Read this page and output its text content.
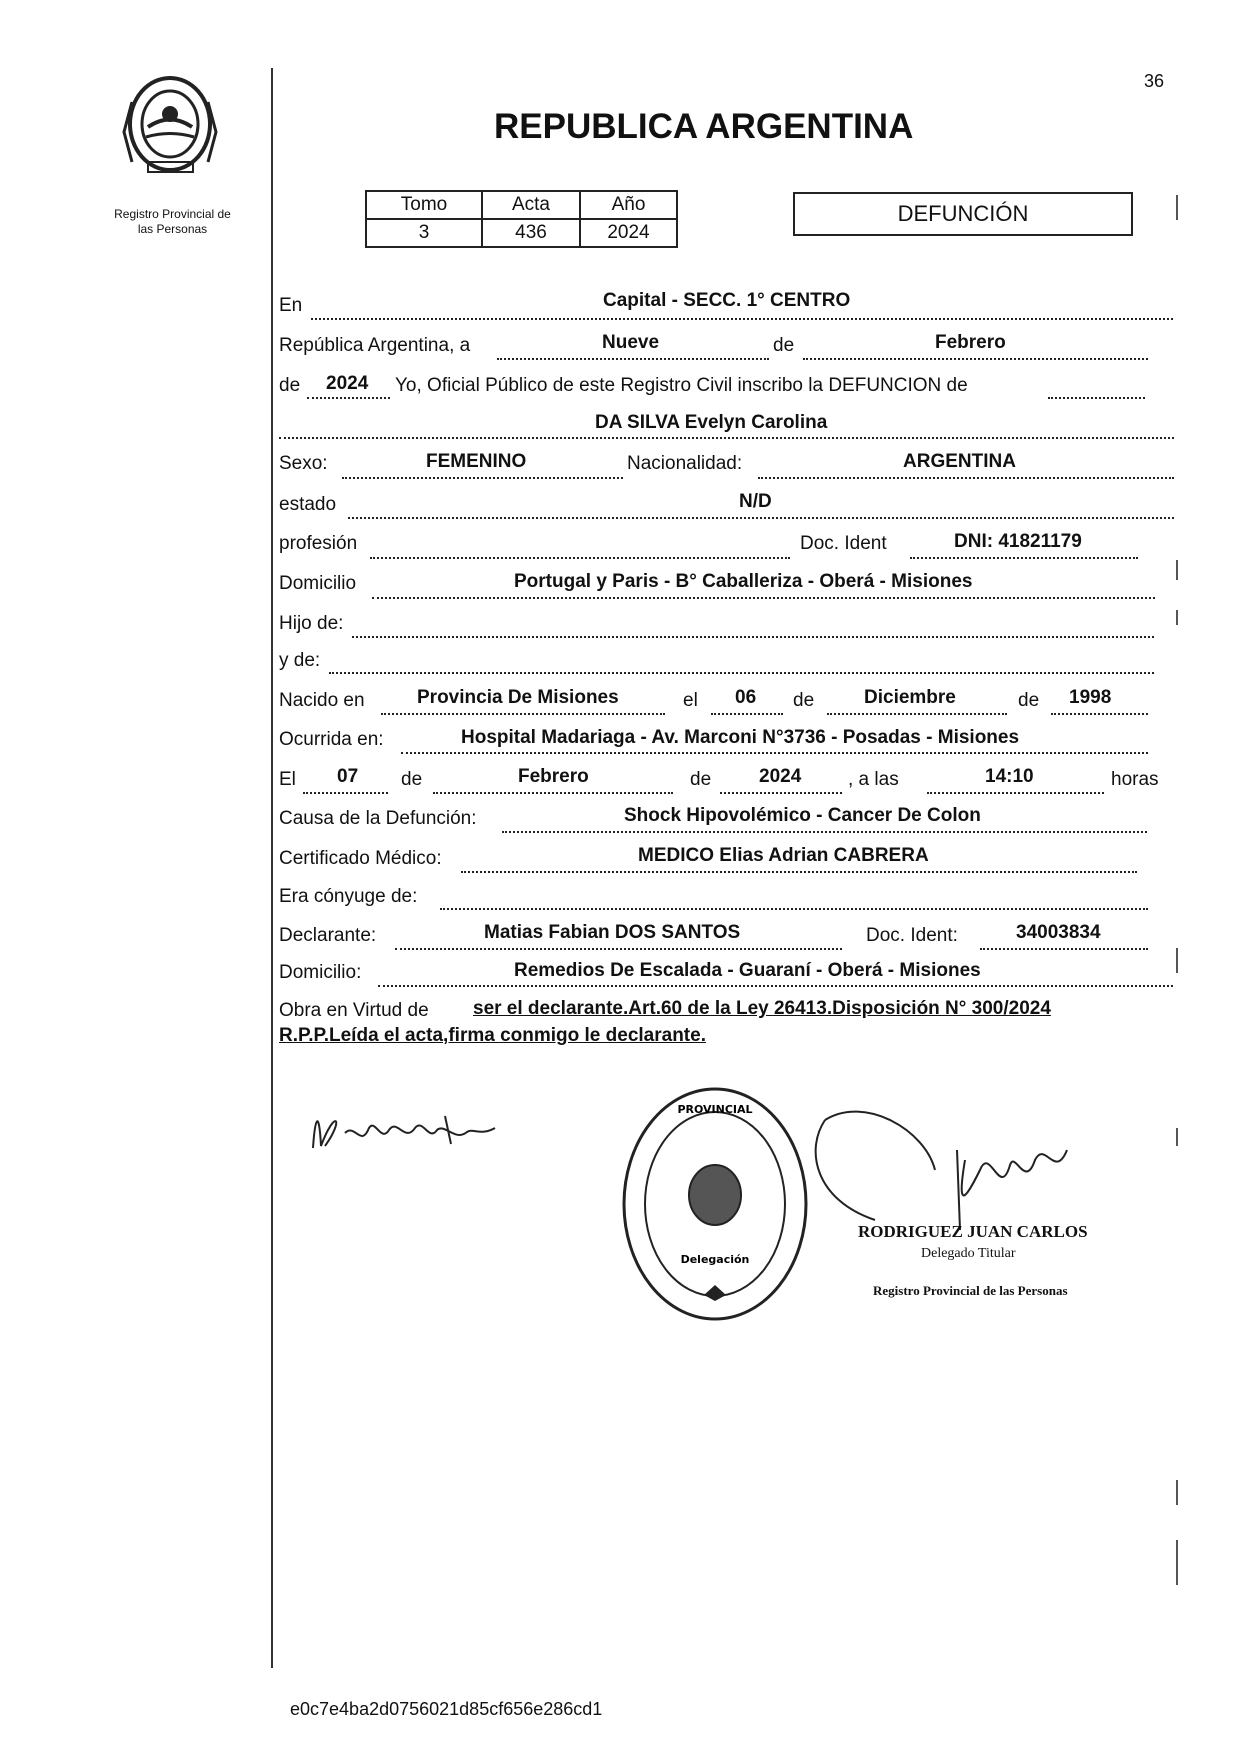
Registro Provincial de
las Personas
36
REPUBLICA ARGENTINA
Tomo	Acta	Año
3	436	2024
DEFUNCIÓN
En	Capital - SECC. 1° CENTRO
República Argentina, a	Nueve	de	Febrero
de 2024 Yo, Oficial Público de este Registro Civil inscribo la DEFUNCION de
DA SILVA Evelyn Carolina
Sexo:	FEMENINO	Nacionalidad:	ARGENTINA
estado	N/D
profesión	Doc. Ident	DNI: 41821179
Domicilio	Portugal y Paris - B° Caballeriza - Oberá - Misiones
Hijo de:
y de:
Nacido en	Provincia De Misiones	el 06 de	Diciembre	de 1998
Ocurrida en:	Hospital Madariaga - Av. Marconi N°3736 - Posadas - Misiones
El 07 de	Febrero	de	2024 , a las	14:10	horas
Causa de la Defunción:	Shock Hipovolémico - Cancer De Colon
Certificado Médico:	MEDICO Elias Adrian CABRERA
Era cónyuge de:
Declarante:	Matias Fabian DOS SANTOS	Doc. Ident:	34003834
Domicilio:	Remedios De Escalada - Guaraní - Oberá - Misiones
Obra en Virtud de ser el declarante.Art.60 de la Ley 26413.Disposición N° 300/2024
R.P.P.Leída el acta,firma conmigo le declarante.
PROVINCIAL
Delegación
RODRIGUEZ JUAN CARLOS
Delegado Titular
Registro Provincial de las Personas
e0c7e4ba2d0756021d85cf656e286cd1
